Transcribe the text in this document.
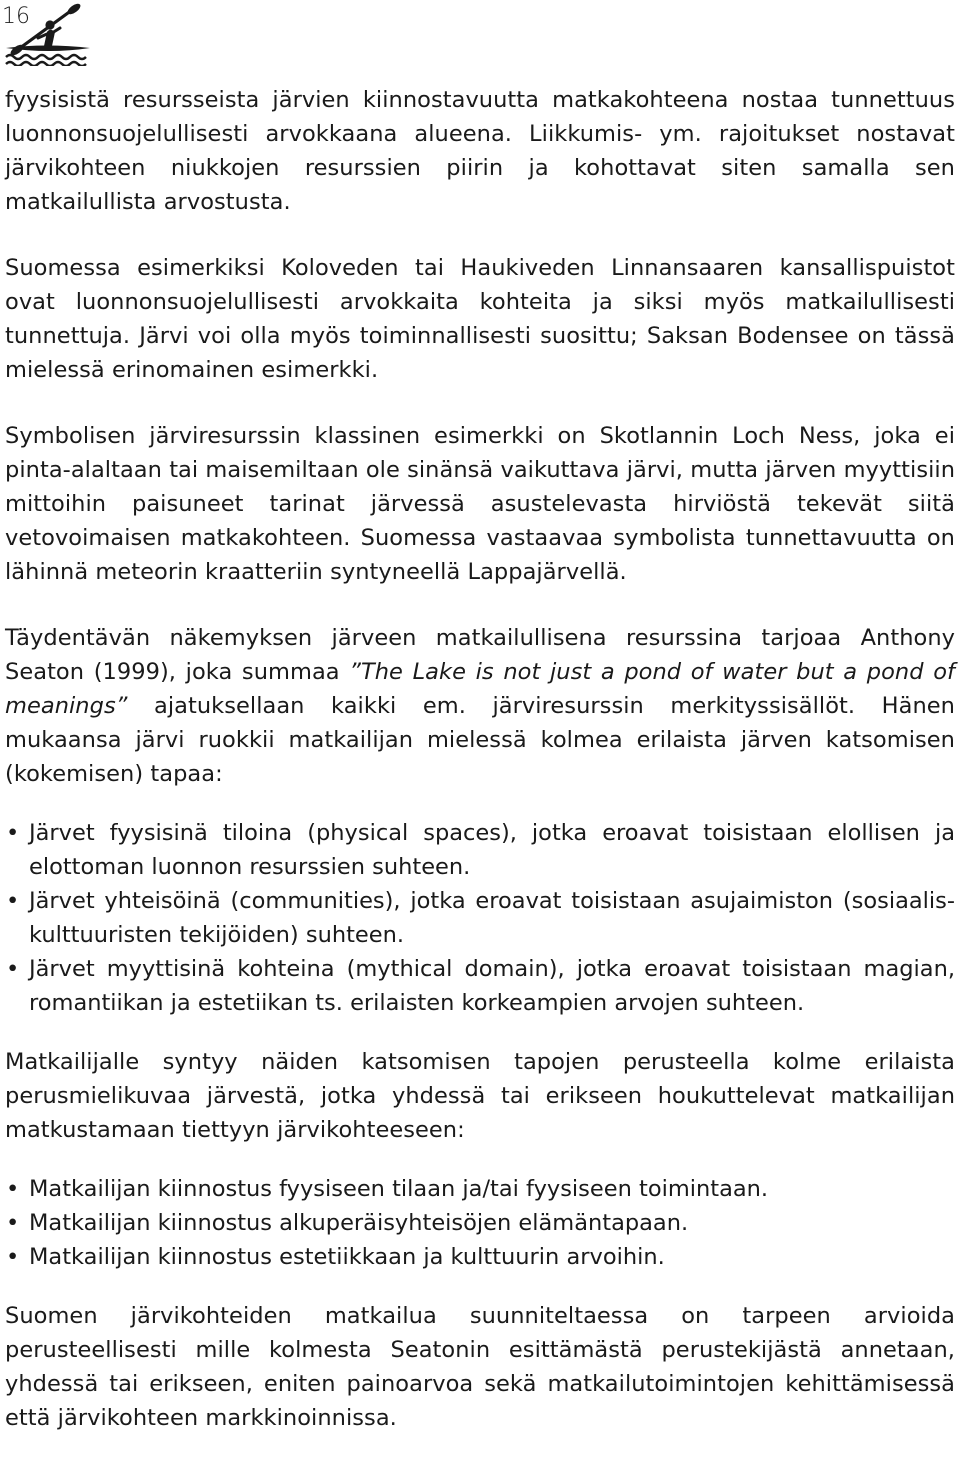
16

fyysisistä resursseista järvien kiinnostavuutta matkakohteena nostaa tunnettuus luonnonsuojelullisesti arvokkaana alueena. Liikkumis- ym. rajoitukset nostavat järvikohteen niukkojen resurssien piirin ja kohottavat siten samalla sen matkailullista arvostusta.

Suomessa esimerkiksi Koloveden tai Haukiveden Linnansaaren kansallispuistot ovat luonnonsuojelullisesti arvokkaita kohteita ja siksi myös matkailullisesti tunnettuja. Järvi voi olla myös toiminnallisesti suosittu; Saksan Bodensee on tässä mielessä erinomainen esimerkki.

Symbolisen järviresurssin klassinen esimerkki on Skotlannin Loch Ness, joka ei pinta-alaltaan tai maisemiltaan ole sinänsä vaikuttava järvi, mutta järven myyttisiin mittoihin paisuneet tarinat järvessä asustelevasta hirviöstä tekevät siitä vetovoimaisen matkakohteen. Suomessa vastaavaa symbolista tunnettavuutta on lähinnä meteorin kraatteriin syntyneellä Lappajärvellä.

Täydentävän näkemyksen järveen matkailullisena resurssina tarjoaa Anthony Seaton (1999), joka summaa ”The Lake is not just a pond of water but a pond of meanings” ajatuksellaan kaikki em. järviresurssin merkityssisällöt. Hänen mukaansa järvi ruokkii matkailijan mielessä kolmea erilaista järven katsomisen (kokemisen) tapaa:

• Järvet fyysisinä tiloina (physical spaces), jotka eroavat toisistaan elollisen ja elottoman luonnon resurssien suhteen.
• Järvet yhteisöinä (communities), jotka eroavat toisistaan asujaimiston (sosiaalis-kulttuuristen tekijöiden) suhteen.
• Järvet myyttisinä kohteina (mythical domain), jotka eroavat toisistaan magian, romantiikan ja estetiikan ts. erilaisten korkeampien arvojen suhteen.

Matkailijalle syntyy näiden katsomisen tapojen perusteella kolme erilaista perusmielikuvaa järvestä, jotka yhdessä tai erikseen houkuttelevat matkailijan matkustamaan tiettyyn järvikohteeseen:

• Matkailijan kiinnostus fyysiseen tilaan ja/tai fyysiseen toimintaan.
• Matkailijan kiinnostus alkuperäisyhteisöjen elämäntapaan.
• Matkailijan kiinnostus estetiikkaan ja kulttuurin arvoihin.

Suomen järvikohteiden matkailua suunniteltaessa on tarpeen arvioida perusteellisesti mille kolmesta Seatonin esittämästä perustekijästä annetaan, yhdessä tai erikseen, eniten painoarvoa sekä matkailutoimintojen kehittämisessä että järvikohteen markkinoinnissa.
